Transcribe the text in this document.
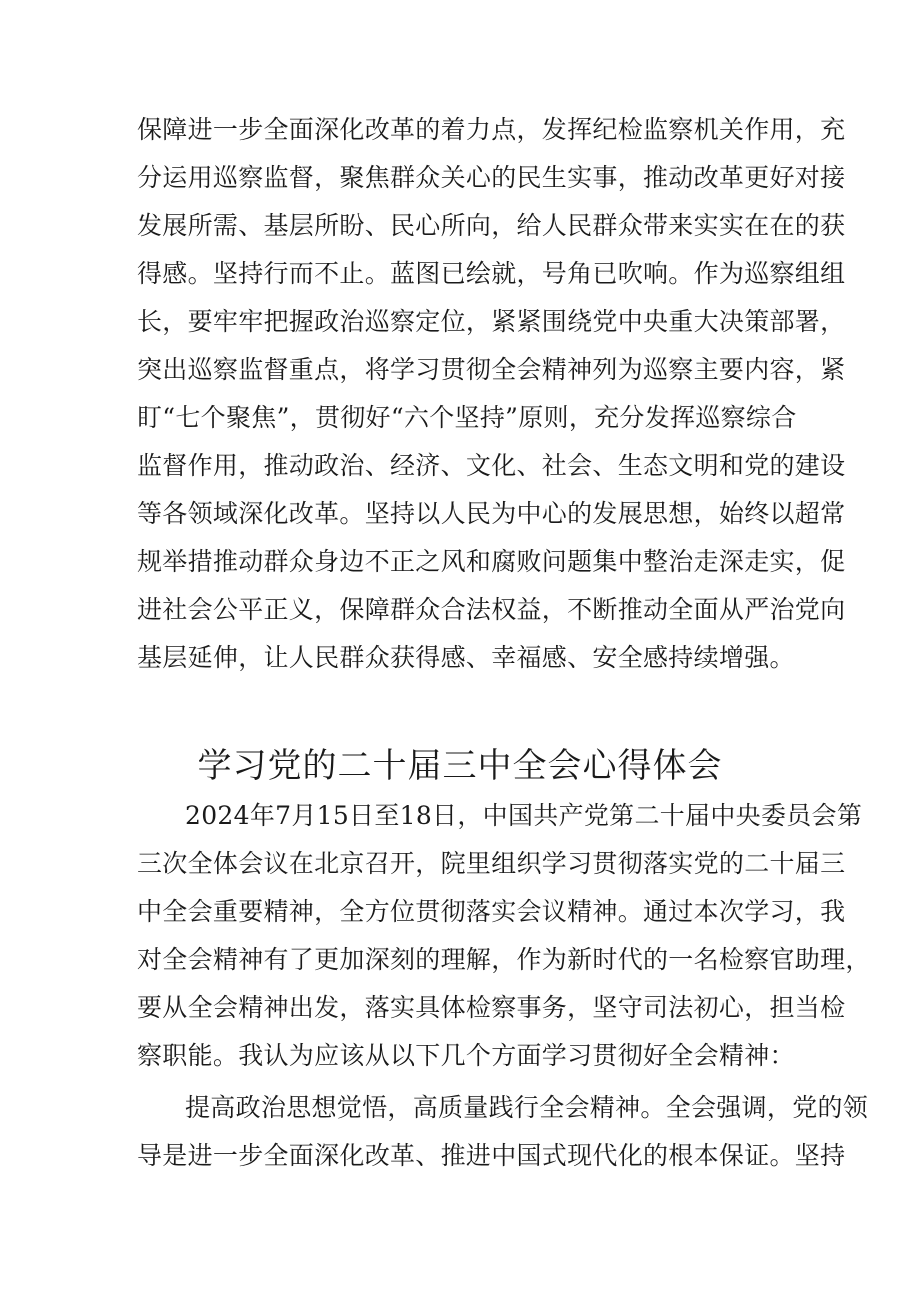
保障进一步全面深化改革的着力点，发挥纪检监察机关作用，充
分运用巡察监督，聚焦群众关心的民生实事，推动改革更好对接
发展所需、基层所盼、民心所向，给人民群众带来实实在在的获
得感。坚持行而不止。蓝图已绘就，号角已吹响。作为巡察组组
长，要牢牢把握政治巡察定位，紧紧围绕党中央重大决策部署，
突出巡察监督重点，将学习贯彻全会精神列为巡察主要内容，紧
盯“七个聚焦”，贯彻好“六个坚持”原则，充分发挥巡察综合
监督作用，推动政治、经济、文化、社会、生态文明和党的建设
等各领域深化改革。坚持以人民为中心的发展思想，始终以超常
规举措推动群众身边不正之风和腐败问题集中整治走深走实，促
进社会公平正义，保障群众合法权益，不断推动全面从严治党向
基层延伸，让人民群众获得感、幸福感、安全感持续增强。
学习党的二十届三中全会心得体会
2024年7月15日至18日，中国共产党第二十届中央委员会第
三次全体会议在北京召开，院里组织学习贯彻落实党的二十届三
中全会重要精神，全方位贯彻落实会议精神。通过本次学习，我
对全会精神有了更加深刻的理解，作为新时代的一名检察官助理，
要从全会精神出发，落实具体检察事务，坚守司法初心，担当检
察职能。我认为应该从以下几个方面学习贯彻好全会精神：
提高政治思想觉悟，高质量践行全会精神。全会强调，党的领
导是进一步全面深化改革、推进中国式现代化的根本保证。坚持
